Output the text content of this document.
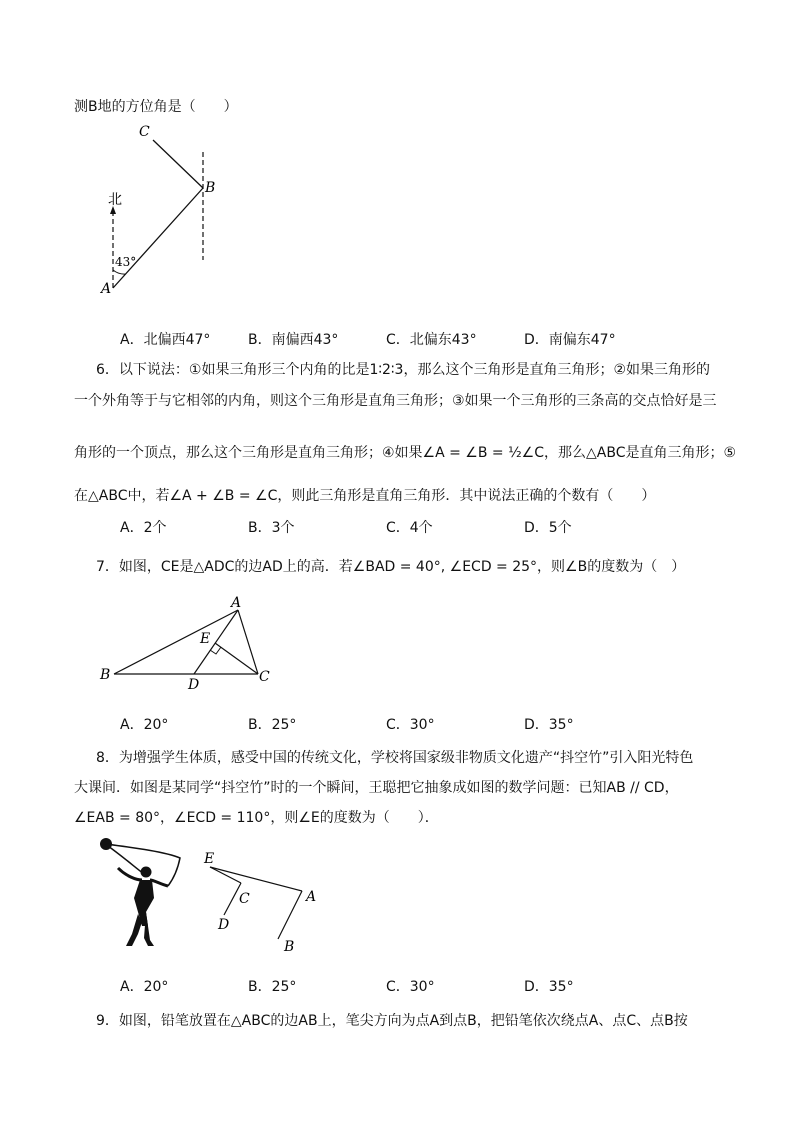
测B地的方位角是（　　）
北
43°
A
B
C
A．北偏西47°	B．南偏西43°	C．北偏东43°	D．南偏东47°
6．以下说法：①如果三角形三个内角的比是1∶2∶3，那么这个三角形是直角三角形；②如果三角形的
一个外角等于与它相邻的内角，则这个三角形是直角三角形；③如果一个三角形的三条高的交点恰好是三
角形的一个顶点，那么这个三角形是直角三角形；④如果∠A = ∠B = ½∠C，那么△ABC是直角三角形；⑤
在△ABC中，若∠A + ∠B = ∠C，则此三角形是直角三角形．其中说法正确的个数有（　　）
A．2个	B．3个	C．4个	D．5个
7．如图，CE是△ADC的边AD上的高．若∠BAD = 40°, ∠ECD = 25°，则∠B的度数为（　）
A
B	C
D
E
A．20°	B．25°	C．30°	D．35°
8．为增强学生体质，感受中国的传统文化，学校将国家级非物质文化遗产“抖空竹”引入阳光特色
大课间．如图是某同学“抖空竹”时的一个瞬间，王聪把它抽象成如图的数学问题：已知AB // CD，
∠EAB = 80°，∠ECD = 110°，则∠E的度数为（　　）．
E
C
D
A
B
A．20°	B．25°	C．30°	D．35°
9．如图，铅笔放置在△ABC的边AB上，笔尖方向为点A到点B，把铅笔依次绕点A、点C、点B按
